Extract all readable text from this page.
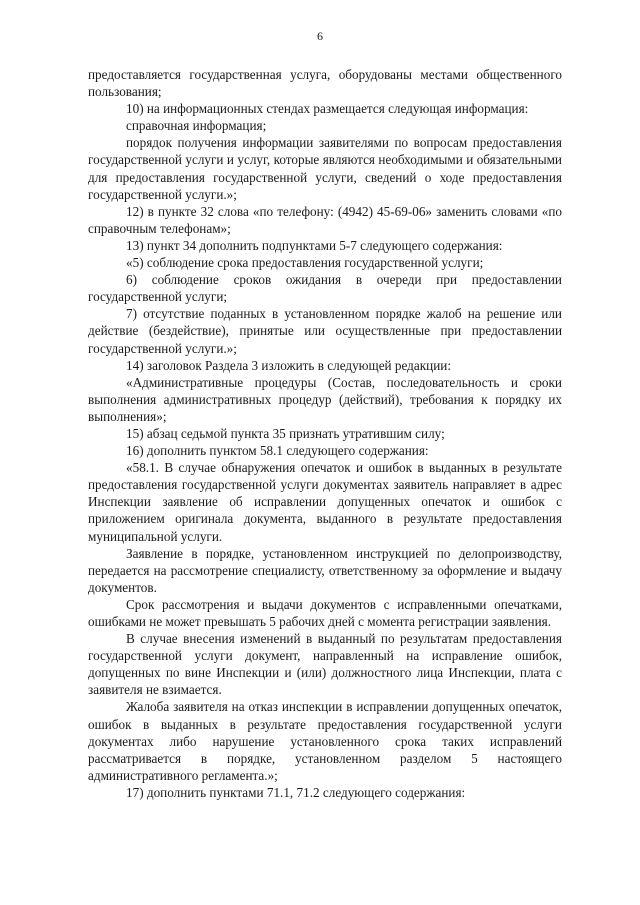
6

предоставляется государственная услуга, оборудованы местами общественного пользования;

10) на информационных стендах размещается следующая информация:

справочная информация;

порядок получения информации заявителями по вопросам предоставления государственной услуги и услуг, которые являются необходимыми и обязательными для предоставления государственной услуги, сведений о ходе предоставления государственной услуги.»;

12) в пункте 32 слова «по телефону: (4942) 45-69-06» заменить словами «по справочным телефонам»;

13) пункт 34 дополнить подпунктами 5-7 следующего содержания:

«5) соблюдение срока предоставления государственной услуги;

6) соблюдение сроков ожидания в очереди при предоставлении государственной услуги;

7) отсутствие поданных в установленном порядке жалоб на решение или действие (бездействие), принятые или осуществленные при предоставлении государственной услуги.»;

14) заголовок Раздела 3 изложить в следующей редакции:

«Административные процедуры (Состав, последовательность и сроки выполнения административных процедур (действий), требования к порядку их выполнения»;

15) абзац седьмой пункта 35 признать утратившим силу;

16) дополнить пунктом 58.1 следующего содержания:

«58.1. В случае обнаружения опечаток и ошибок в выданных в результате предоставления государственной услуги документах заявитель направляет в адрес Инспекции заявление об исправлении допущенных опечаток и ошибок с приложением оригинала документа, выданного в результате предоставления муниципальной услуги.

Заявление в порядке, установленном инструкцией по делопроизводству, передается на рассмотрение специалисту, ответственному за оформление и выдачу документов.

Срок рассмотрения и выдачи документов с исправленными опечатками, ошибками не может превышать 5 рабочих дней с момента регистрации заявления.

В случае внесения изменений в выданный по результатам предоставления государственной услуги документ, направленный на исправление ошибок, допущенных по вине Инспекции и (или) должностного лица Инспекции, плата с заявителя не взимается.

Жалоба заявителя на отказ инспекции в исправлении допущенных опечаток, ошибок в выданных в результате предоставления государственной услуги документах либо нарушение установленного срока таких исправлений рассматривается в порядке, установленном разделом 5 настоящего административного регламента.»;

17) дополнить пунктами 71.1, 71.2 следующего содержания:
